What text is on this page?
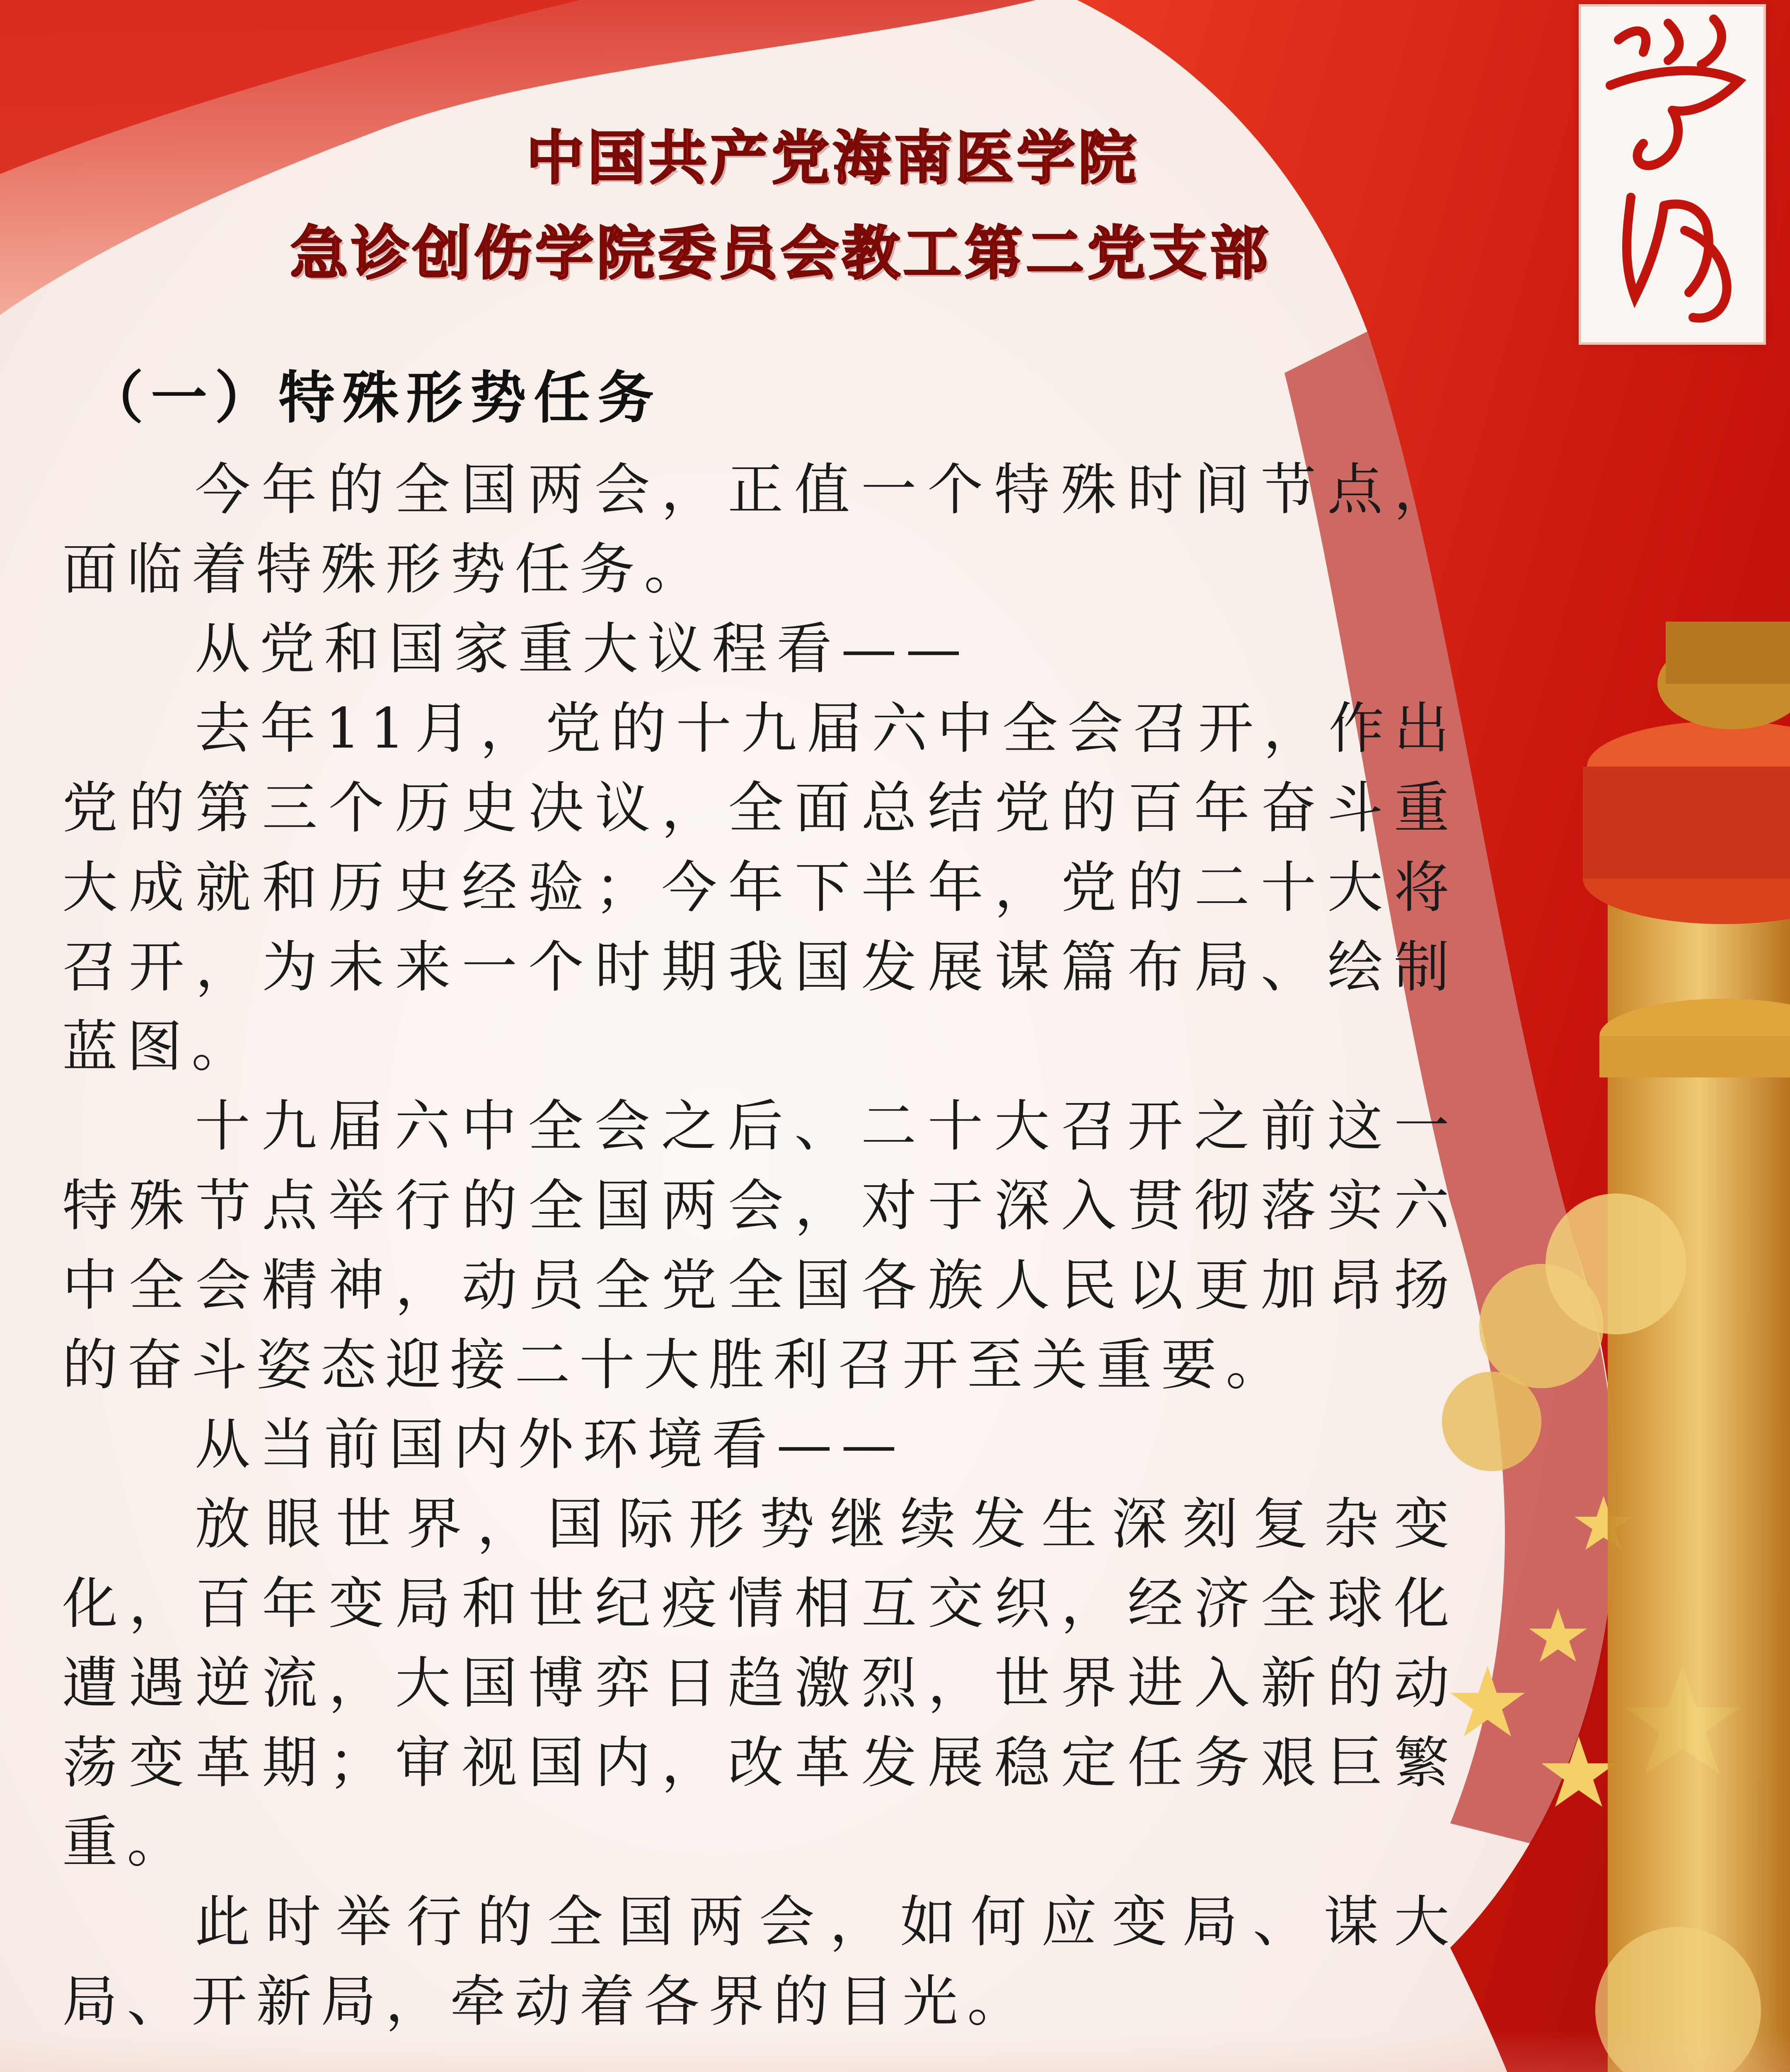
中国共产党海南医学院
急诊创伤学院委员会教工第二党支部
（一）特殊形势任务

今年的全国两会，正值一个特殊时间节点，面临着特殊形势任务。

从党和国家重大议程看——

去年11月，党的十九届六中全会召开，作出党的第三个历史决议，全面总结党的百年奋斗重大成就和历史经验；今年下半年，党的二十大将召开，为未来一个时期我国发展谋篇布局、绘制蓝图。

十九届六中全会之后、二十大召开之前这一特殊节点举行的全国两会，对于深入贯彻落实六中全会精神，动员全党全国各族人民以更加昂扬的奋斗姿态迎接二十大胜利召开至关重要。

从当前国内外环境看——

放眼世界，国际形势继续发生深刻复杂变化，百年变局和世纪疫情相互交织，经济全球化遭遇逆流，大国博弈日趋激烈，世界进入新的动荡变革期；审视国内，改革发展稳定任务艰巨繁重。

此时举行的全国两会，如何应变局、谋大局、开新局，牵动着各界的目光。
